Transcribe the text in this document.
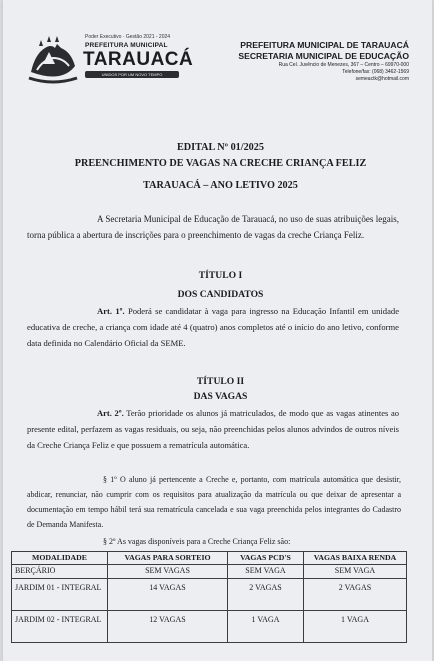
Poder Executivo · Gestão 2021 - 2024
PREFEITURA MUNICIPAL
TARAUACÁ
UNIDOS POR UM NOVO TEMPO
PREFEITURA MUNICIPAL DE TARAUACÁ
SECRETARIA MUNICIPAL DE EDUCAÇÃO
Rua Cel. Juvêncio de Menezes, 367 – Centro – 69970-000
Telefone/fax: (068) 3462-1569
semeactk@hotmail.com
EDITAL Nº 01/2025
PREENCHIMENTO DE VAGAS NA CRECHE CRIANÇA FELIZ
TARAUACÁ – ANO LETIVO 2025
A Secretaria Municipal de Educação de Tarauacá, no uso de suas atribuições legais, torna pública a abertura de inscrições para o preenchimento de vagas da creche Criança Feliz.
TÍTULO I
DOS CANDIDATOS
Art. 1º. Poderá se candidatar à vaga para ingresso na Educação Infantil em unidade educativa de creche, a criança com idade até 4 (quatro) anos completos até o início do ano letivo, conforme data definida no Calendário Oficial da SEME.
TÍTULO II
DAS VAGAS
Art. 2º. Terão prioridade os alunos já matriculados, de modo que as vagas atinentes ao presente edital, perfazem as vagas residuais, ou seja, não preenchidas pelos alunos advindos de outros níveis da Creche Criança Feliz e que possuem a rematrícula automática.
§ 1º O aluno já pertencente a Creche e, portanto, com matrícula automática que desistir, abdicar, renunciar, não cumprir com os requisitos para atualização da matrícula ou que deixar de apresentar a documentação em tempo hábil terá sua rematrícula cancelada e sua vaga preenchida pelos integrantes do Cadastro de Demanda Manifesta.
§ 2º As vagas disponíveis para a Creche Criança Feliz são:
MODALIDADE	VAGAS PARA SORTEIO	VAGAS PCD'S	VAGAS BAIXA RENDA
BERÇÁRIO	SEM VAGAS	SEM VAGA	SEM VAGA
JARDIM 01 - INTEGRAL	14 VAGAS	2 VAGAS	2 VAGAS
JARDIM 02 - INTEGRAL	12 VAGAS	1 VAGA	1 VAGA
